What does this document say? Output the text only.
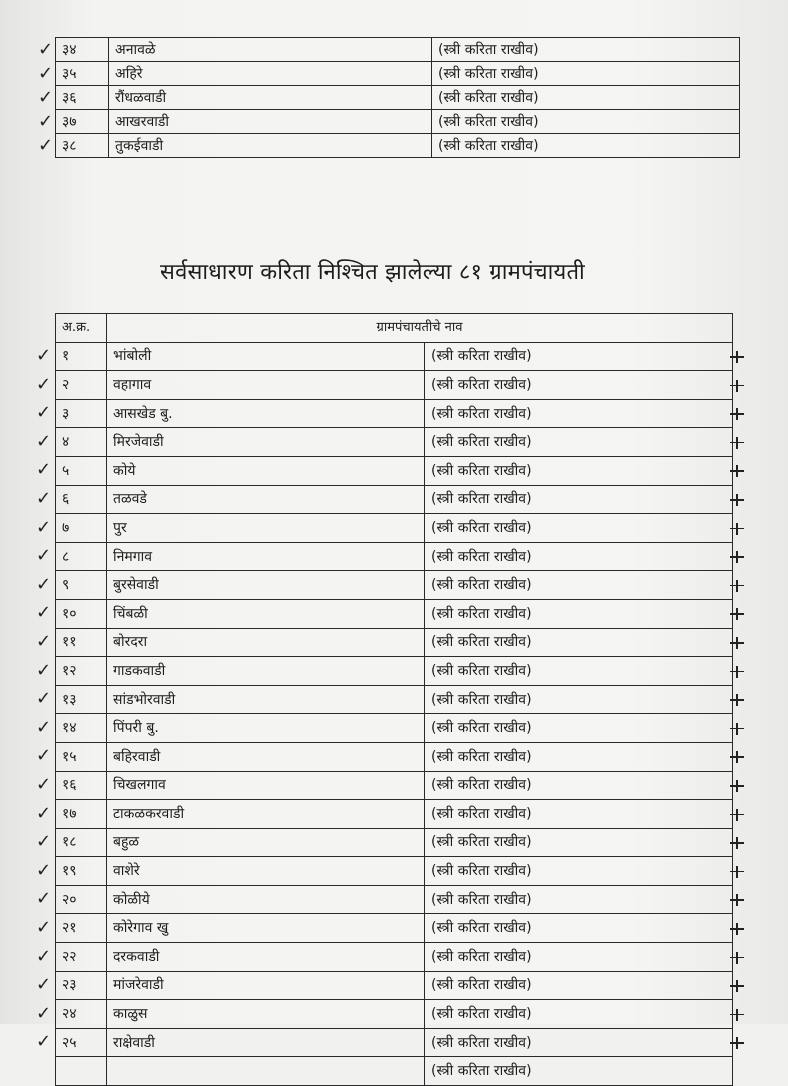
३४	अनावळे	(स्त्री करिता राखीव)
३५	अहिरे	(स्त्री करिता राखीव)
३६	रौंधळवाडी	(स्त्री करिता राखीव)
३७	आखरवाडी	(स्त्री करिता राखीव)
३८	तुकईवाडी	(स्त्री करिता राखीव)
सर्वसाधारण करिता निश्चित झालेल्या ८१ ग्रामपंचायती
अ.क्र.	ग्रामपंचायतीचे नाव	
१	भांबोली	(स्त्री करिता राखीव)
२	वहागाव	(स्त्री करिता राखीव)
३	आसखेड बु.	(स्त्री करिता राखीव)
४	मिरजेवाडी	(स्त्री करिता राखीव)
५	कोये	(स्त्री करिता राखीव)
६	तळवडे	(स्त्री करिता राखीव)
७	पुर	(स्त्री करिता राखीव)
८	निमगाव	(स्त्री करिता राखीव)
९	बुरसेवाडी	(स्त्री करिता राखीव)
१०	चिंबळी	(स्त्री करिता राखीव)
११	बोरदरा	(स्त्री करिता राखीव)
१२	गाडकवाडी	(स्त्री करिता राखीव)
१३	सांडभोरवाडी	(स्त्री करिता राखीव)
१४	पिंपरी बु.	(स्त्री करिता राखीव)
१५	बहिरवाडी	(स्त्री करिता राखीव)
१६	चिखलगाव	(स्त्री करिता राखीव)
१७	टाकळकरवाडी	(स्त्री करिता राखीव)
१८	बहुळ	(स्त्री करिता राखीव)
१९	वाशेरे	(स्त्री करिता राखीव)
२०	कोळीये	(स्त्री करिता राखीव)
२१	कोरेगाव खु	(स्त्री करिता राखीव)
२२	दरकवाडी	(स्त्री करिता राखीव)
२३	मांजरेवाडी	(स्त्री करिता राखीव)
२४	काळुस	(स्त्री करिता राखीव)
२५	राक्षेवाडी	(स्त्री करिता राखीव)
		(स्त्री करिता राखीव)
✓
✓
✓
✓
✓
✓
✓
✓
✓
✓
✓
✓
✓
✓
✓
✓
✓
✓
✓
✓
✓
✓
✓
✓
✓
✓
✓
✓
✓
✓
